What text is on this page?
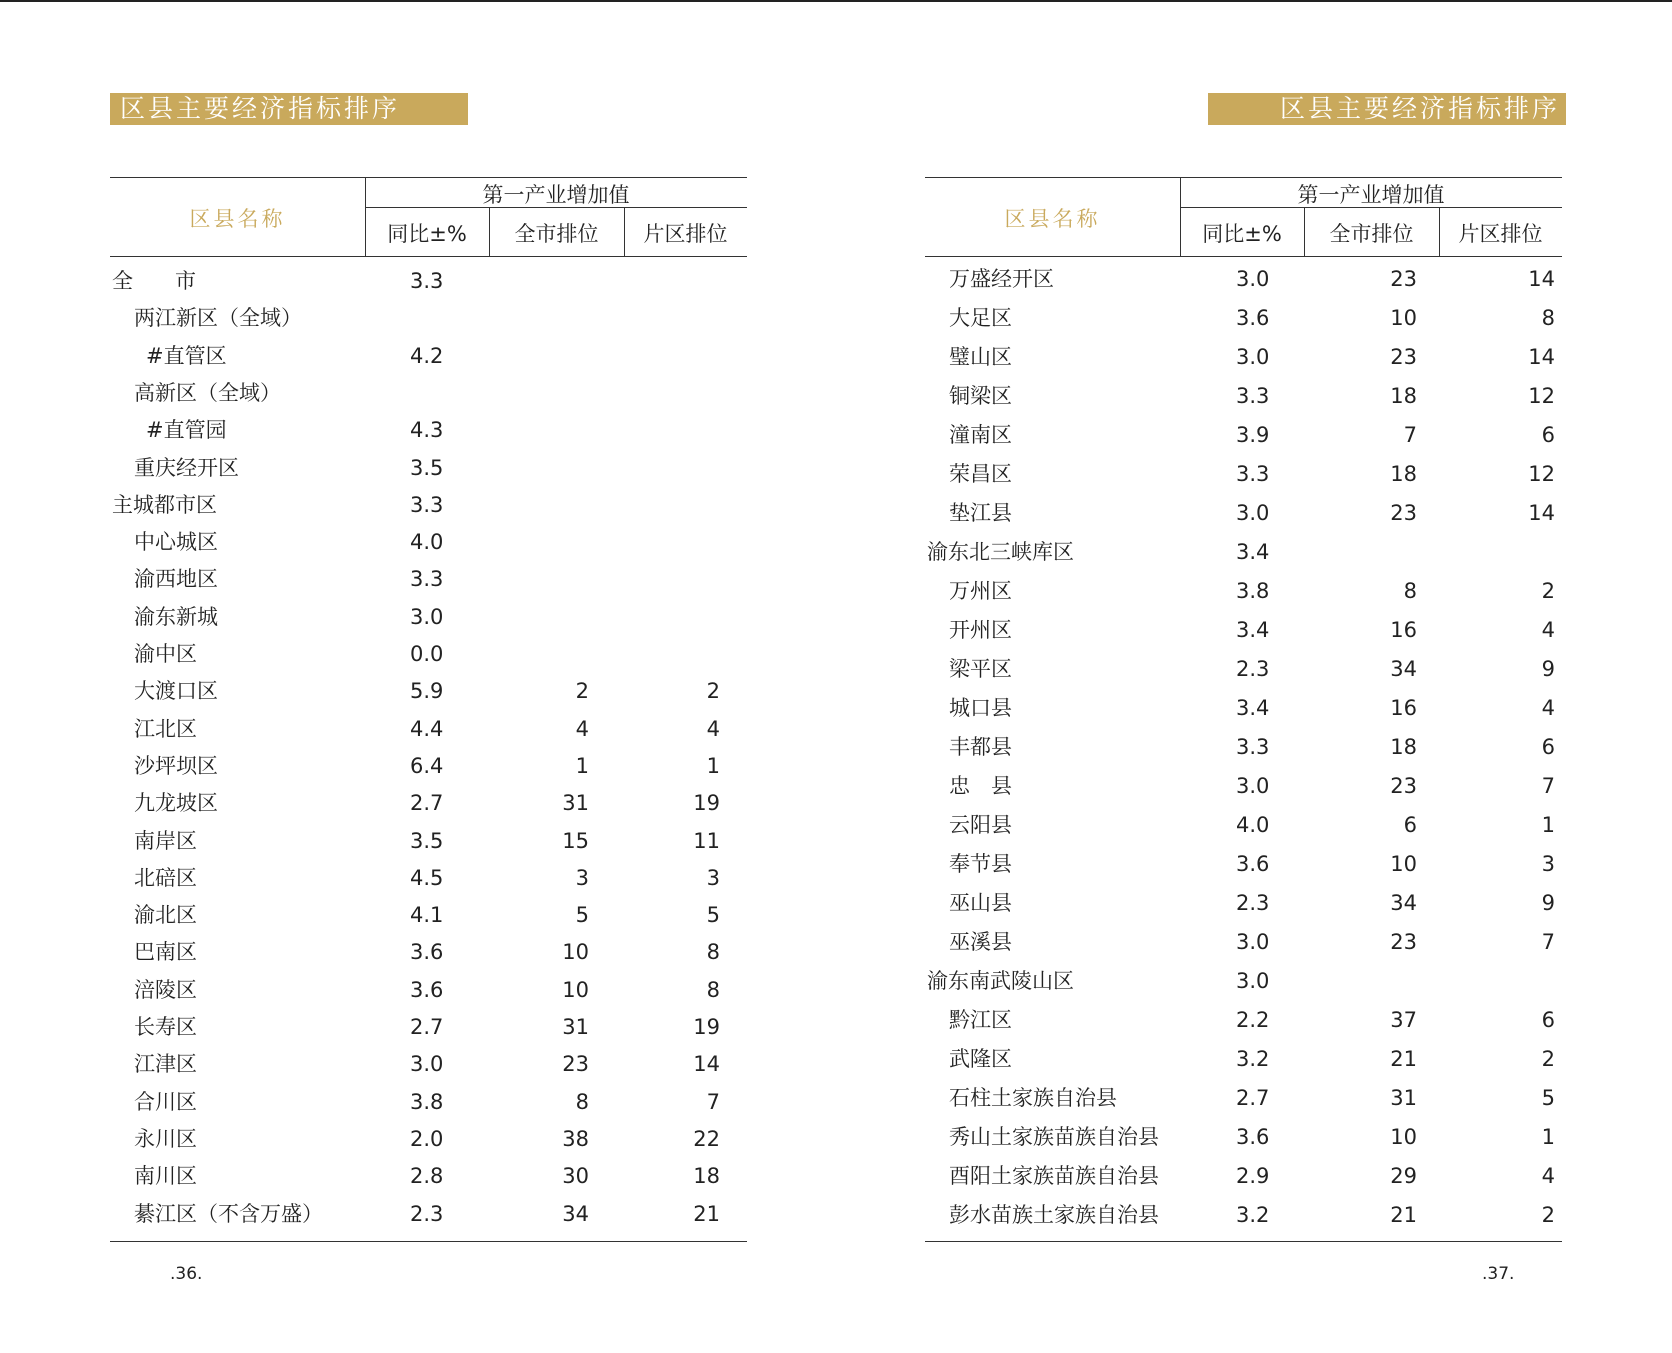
区县主要经济指标排序
区县名称
第一产业增加值
同比±%	全市排位	片区排位
全　　市	3.3
两江新区（全域）
#直管区	4.2
高新区（全域）
#直管园	4.3
重庆经开区	3.5
主城都市区	3.3
中心城区	4.0
渝西地区	3.3
渝东新城	3.0
渝中区	0.0
大渡口区	5.9	2	2
江北区	4.4	4	4
沙坪坝区	6.4	1	1
九龙坡区	2.7	31	19
南岸区	3.5	15	11
北碚区	4.5	3	3
渝北区	4.1	5	5
巴南区	3.6	10	8
涪陵区	3.6	10	8
长寿区	2.7	31	19
江津区	3.0	23	14
合川区	3.8	8	7
永川区	2.0	38	22
南川区	2.8	30	18
綦江区（不含万盛）	2.3	34	21
.36.
区县主要经济指标排序
区县名称
第一产业增加值
同比±%	全市排位	片区排位
万盛经开区	3.0	23	14
大足区	3.6	10	8
璧山区	3.0	23	14
铜梁区	3.3	18	12
潼南区	3.9	7	6
荣昌区	3.3	18	12
垫江县	3.0	23	14
渝东北三峡库区	3.4
万州区	3.8	8	2
开州区	3.4	16	4
梁平区	2.3	34	9
城口县	3.4	16	4
丰都县	3.3	18	6
忠　县	3.0	23	7
云阳县	4.0	6	1
奉节县	3.6	10	3
巫山县	2.3	34	9
巫溪县	3.0	23	7
渝东南武陵山区	3.0
黔江区	2.2	37	6
武隆区	3.2	21	2
石柱土家族自治县	2.7	31	5
秀山土家族苗族自治县	3.6	10	1
酉阳土家族苗族自治县	2.9	29	4
彭水苗族土家族自治县	3.2	21	2
.37.
